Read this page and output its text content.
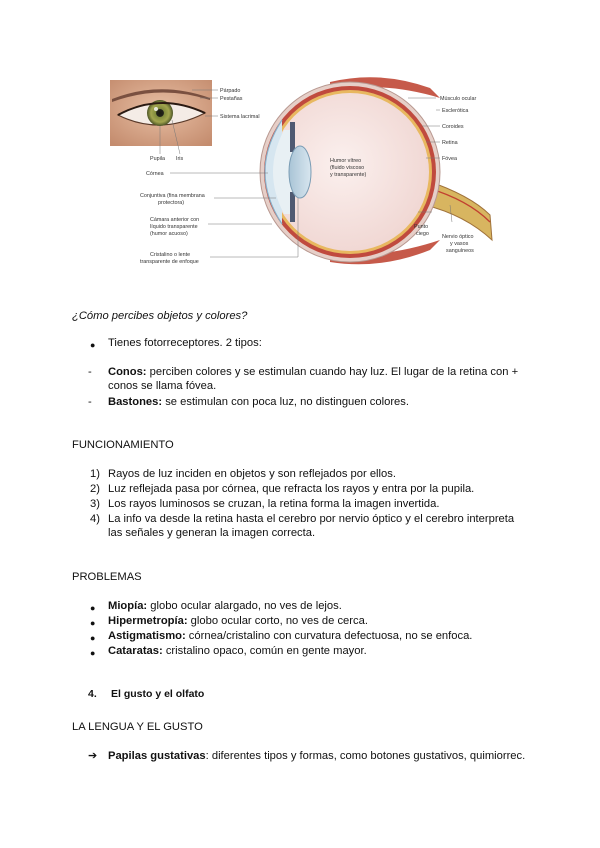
Humor vítreo
(fluido viscoso
y transparente)
Párpado
Pestañas
Sistema lacrimal
Pupila Iris
Córnea
Conjuntiva (fina membrana
protectora)
Cámara anterior con
líquido transparente
(humor acuoso)
Cristalino o lente
transparente de enfoque
Músculo ocular
Esclerótica
Coroides
Retina
Fóvea
Punto
ciego Nervio óptico
y vasos
sanguíneos
¿Cómo percibes objetos y colores?
● Tienes fotorreceptores. 2 tipos:
- Conos: perciben colores y se estimulan cuando hay luz. El lugar de la retina con +
conos se llama fóvea.
- Bastones: se estimulan con poca luz, no distinguen colores.
FUNCIONAMIENTO
1) Rayos de luz inciden en objetos y son reflejados por ellos.
2) Luz reflejada pasa por córnea, que refracta los rayos y entra por la pupila.
3) Los rayos luminosos se cruzan, la retina forma la imagen invertida.
4) La info va desde la retina hasta el cerebro por nervio óptico y el cerebro interpreta
las señales y generan la imagen correcta.
PROBLEMAS
● Miopía: globo ocular alargado, no ves de lejos.
● Hipermetropía: globo ocular corto, no ves de cerca.
● Astigmatismo: córnea/cristalino con curvatura defectuosa, no se enfoca.
● Cataratas: cristalino opaco, común en gente mayor.
4. El gusto y el olfato
LA LENGUA Y EL GUSTO
➔ Papilas gustativas: diferentes tipos y formas, como botones gustativos, quimiorrec.
